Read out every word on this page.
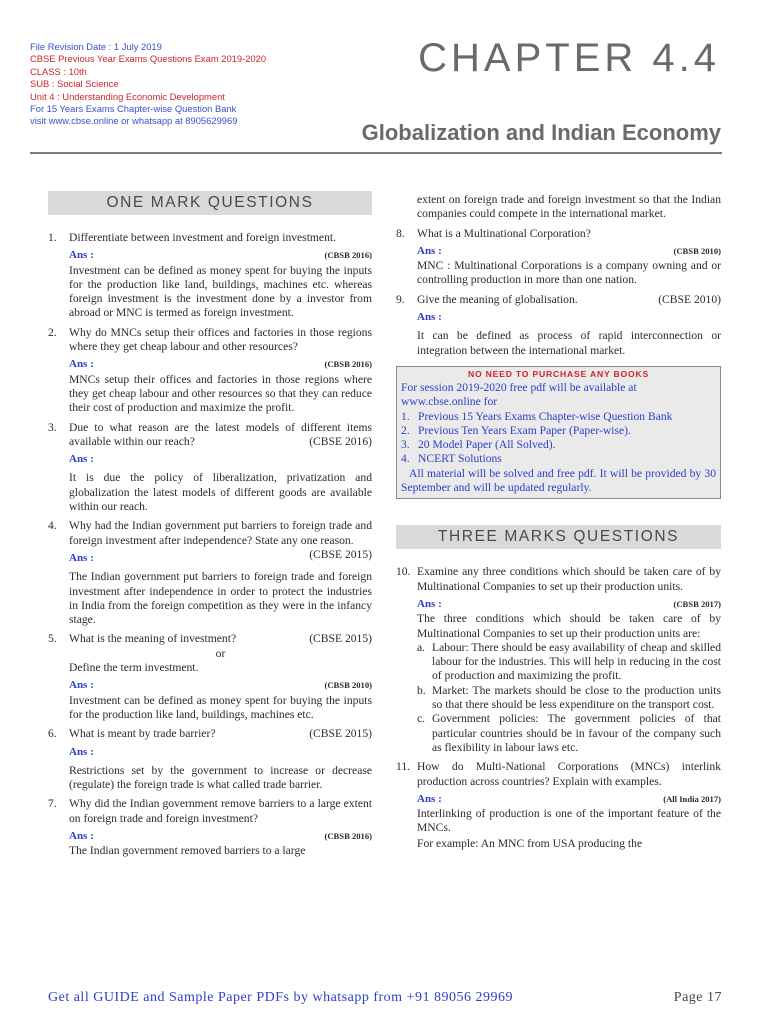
File Revision Date : 1 July 2019
CBSE Previous Year Exams Questions Exam 2019-2020
CLASS : 10th
SUB : Social Science
Unit 4 : Understanding Economic Development
For 15 Years Exams Chapter-wise Question Bank
visit www.cbse.online or whatsapp at 8905629969
CHAPTER 4.4
Globalization and Indian Economy
ONE MARK QUESTIONS
1.	Differentiate between investment and foreign investment.
Ans :	(CBSB 2016)
Investment can be defined as money spent for buying the inputs for the production like land, buildings, machines etc. whereas foreign investment is the investment done by a investor from abroad or MNC is termed as foreign investment.
2.	Why do MNCs setup their offices and factories in those regions where they get cheap labour and other resources?
Ans :	(CBSB 2016)
MNCs setup their offices and factories in those regions where they get cheap labour and other resources so that they can reduce their cost of production and maximize the profit.
3.	Due to what reason are the latest models of different items available within our reach?	(CBSE 2016)
Ans :
It is due the policy of liberalization, privatization and globalization the latest models of different goods are available within our reach.
4.	Why had the Indian government put barriers to foreign trade and foreign investment after independence? State any one reason.
(CBSE 2015)
Ans :
The Indian government put barriers to foreign trade and foreign investment after independence in order to protect the industries in India from the foreign competition as they were in the infancy stage.
5.	What is the meaning of investment?	(CBSE 2015)
or
Define the term investment.
Ans :	(CBSB 2010)
Investment can be defined as money spent for buying the inputs for the production like land, buildings, machines etc.
6.	What is meant by trade barrier?	(CBSE 2015)
Ans :
Restrictions set by the government to increase or decrease (regulate) the foreign trade is what called trade barrier.
7.	Why did the Indian government remove barriers to a large extent on foreign trade and foreign investment?
Ans :	(CBSB 2016)
The Indian government removed barriers to a large
extent on foreign trade and foreign investment so that the Indian companies could compete in the international market.
8.	What is a Multinational Corporation?
Ans :	(CBSB 2010)
MNC : Multinational Corporations is a company owning and or controlling production in more than one nation.
9.	Give the meaning of globalisation.	(CBSE 2010)
Ans :
It can be defined as process of rapid interconnection or integration between the international market.
NO NEED TO PURCHASE ANY BOOKS
For session 2019-2020 free pdf will be available at www.cbse.online for
1. Previous 15 Years Exams Chapter-wise Question Bank
2. Previous Ten Years Exam Paper (Paper-wise).
3. 20 Model Paper (All Solved).
4. NCERT Solutions
All material will be solved and free pdf. It will be provided by 30 September and will be updated regularly.
THREE MARKS QUESTIONS
10. Examine any three conditions which should be taken care of by Multinational Companies to set up their production units.
Ans :	(CBSB 2017)
The three conditions which should be taken care of by Multinational Companies to set up their production units are:
a. Labour: There should be easy availability of cheap and skilled labour for the industries. This will help in reducing in the cost of production and maximizing the profit.
b. Market: The markets should be close to the production units so that there should be less expenditure on the transport cost.
c. Government policies: The government policies of that particular countries should be in favour of the company such as flexibility in labour laws etc.
11. How do Multi-National Corporations (MNCs) interlink production across countries? Explain with examples.
Ans :	(All India 2017)
Interlinking of production is one of the important feature of the MNCs.
For example: An MNC from USA producing the
Get all GUIDE and Sample Paper PDFs by whatsapp from +91 89056 29969	Page 17
